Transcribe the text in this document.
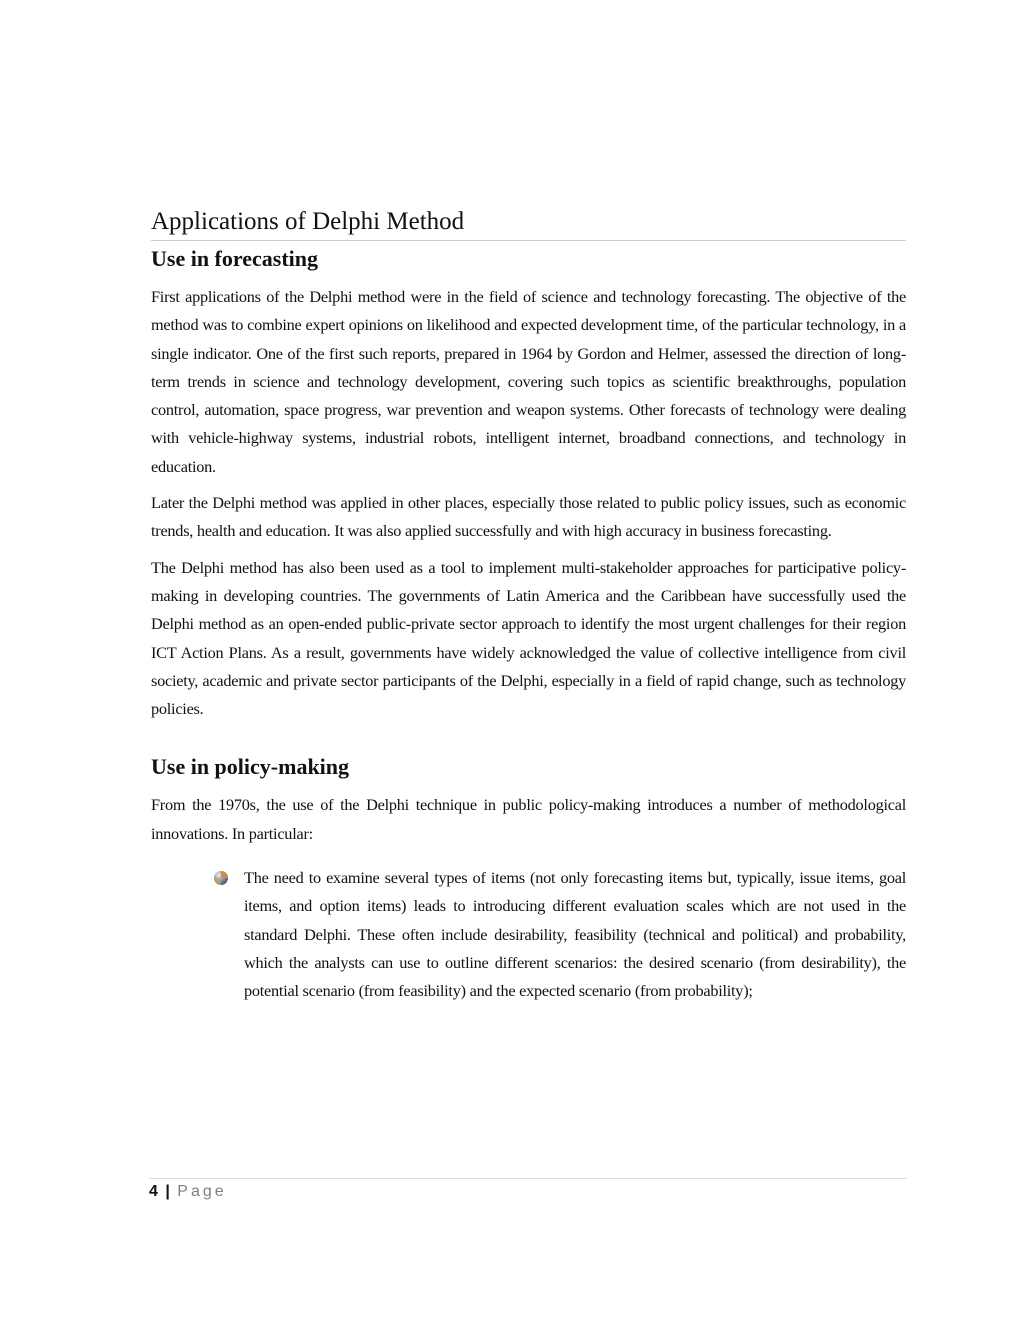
Applications of Delphi Method
Use in forecasting

First applications of the Delphi method were in the field of science and technology forecasting. The objective of the method was to combine expert opinions on likelihood and expected development time, of the particular technology, in a single indicator. One of the first such reports, prepared in 1964 by Gordon and Helmer, assessed the direction of long-term trends in science and technology development, covering such topics as scientific breakthroughs, population control, automation, space progress, war prevention and weapon systems. Other forecasts of technology were dealing with vehicle-highway systems, industrial robots, intelligent internet, broadband connections, and technology in education.

Later the Delphi method was applied in other places, especially those related to public policy issues, such as economic trends, health and education. It was also applied successfully and with high accuracy in business forecasting.

The Delphi method has also been used as a tool to implement multi-stakeholder approaches for participative policy-making in developing countries. The governments of Latin America and the Caribbean have successfully used the Delphi method as an open-ended public-private sector approach to identify the most urgent challenges for their region ICT Action Plans. As a result, governments have widely acknowledged the value of collective intelligence from civil society, academic and private sector participants of the Delphi, especially in a field of rapid change, such as technology policies.

Use in policy-making

From the 1970s, the use of the Delphi technique in public policy-making introduces a number of methodological innovations. In particular:

The need to examine several types of items (not only forecasting items but, typically, issue items, goal items, and option items) leads to introducing different evaluation scales which are not used in the standard Delphi. These often include desirability, feasibility (technical and political) and probability, which the analysts can use to outline different scenarios: the desired scenario (from desirability), the potential scenario (from feasibility) and the expected scenario (from probability);

4 | Page
